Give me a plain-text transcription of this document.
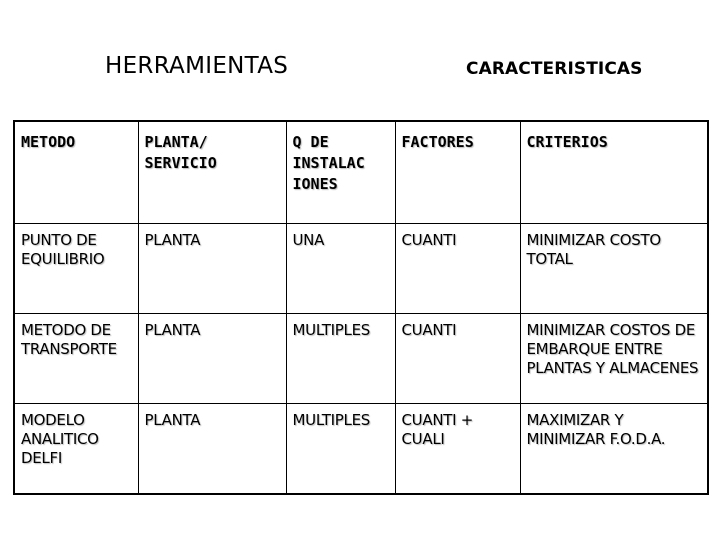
HERRAMIENTAS	CARACTERISTICAS
METODO	PLANTA/ SERVICIO	Q DE INSTALAC IONES	FACTORES	CRITERIOS
PUNTO DE EQUILIBRIO	PLANTA	UNA	CUANTI	MINIMIZAR COSTO TOTAL
METODO DE TRANSPORTE	PLANTA	MULTIPLES	CUANTI	MINIMIZAR COSTOS DE EMBARQUE ENTRE PLANTAS Y ALMACENES
MODELO ANALITICO DELFI	PLANTA	MULTIPLES	CUANTI + CUALI	MAXIMIZAR Y MINIMIZAR F.O.D.A.
